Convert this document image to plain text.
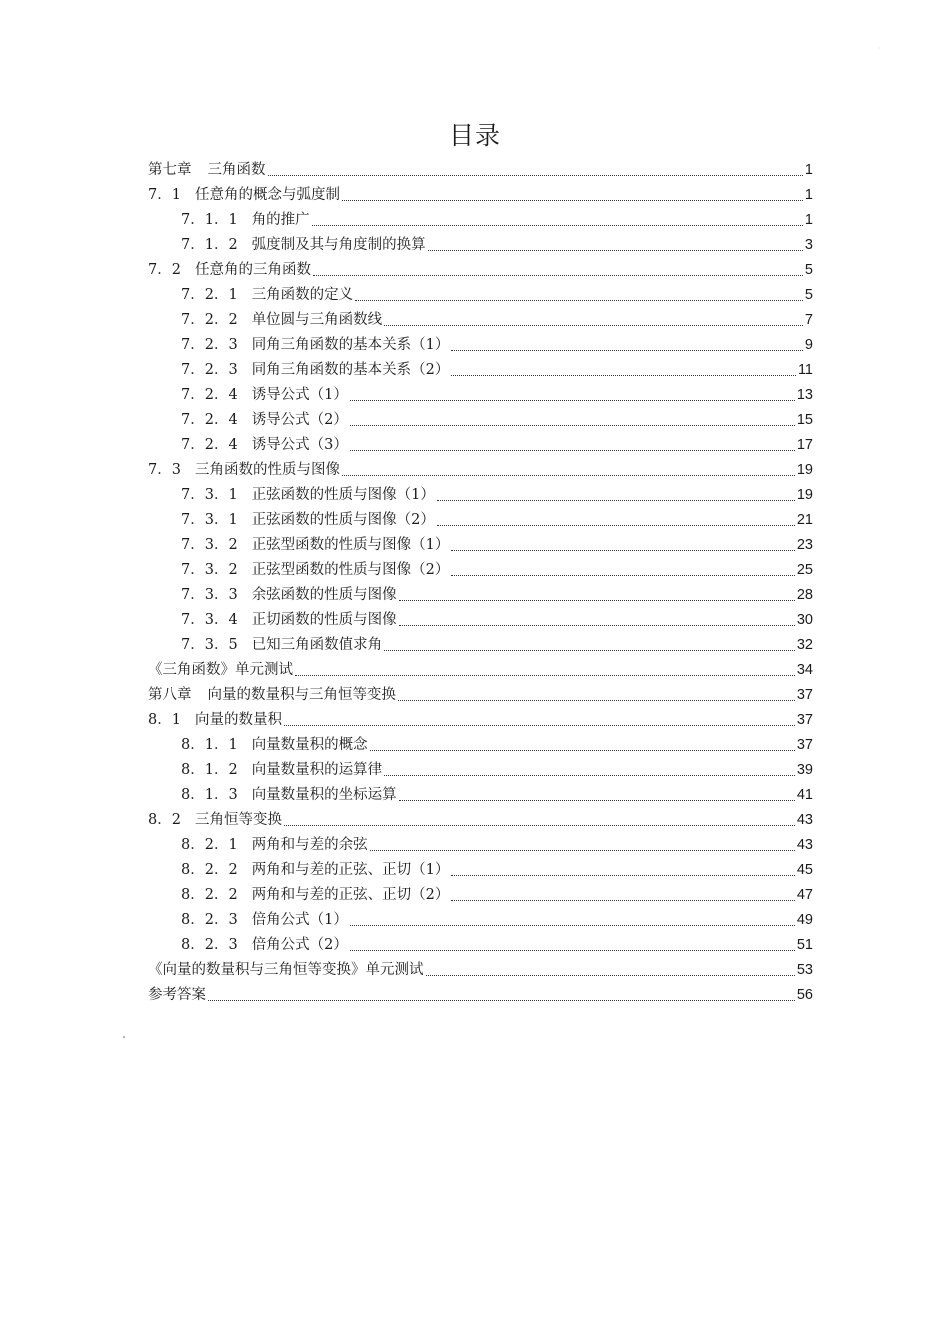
·
目录
第七章 三角函数	1
7．1 任意角的概念与弧度制	1
7．1．1 角的推广	1
7．1．2 弧度制及其与角度制的换算	3
7．2 任意角的三角函数	5
7．2．1 三角函数的定义	5
7．2．2 单位圆与三角函数线	7
7．2．3 同角三角函数的基本关系（1）	9
7．2．3 同角三角函数的基本关系（2）	11
7．2．4 诱导公式（1）	13
7．2．4 诱导公式（2）	15
7．2．4 诱导公式（3）	17
7．3 三角函数的性质与图像	19
7．3．1 正弦函数的性质与图像（1）	19
7．3．1 正弦函数的性质与图像（2）	21
7．3．2 正弦型函数的性质与图像（1）	23
7．3．2 正弦型函数的性质与图像（2）	25
7．3．3 余弦函数的性质与图像	28
7．3．4 正切函数的性质与图像	30
7．3．5 已知三角函数值求角	32
《三角函数》单元测试	34
第八章 向量的数量积与三角恒等变换	37
8．1 向量的数量积	37
8．1．1 向量数量积的概念	37
8．1．2 向量数量积的运算律	39
8．1．3 向量数量积的坐标运算	41
8．2 三角恒等变换	43
8．2．1 两角和与差的余弦	43
8．2．2 两角和与差的正弦、正切（1）	45
8．2．2 两角和与差的正弦、正切（2）	47
8．2．3 倍角公式（1）	49
8．2．3 倍角公式（2）	51
《向量的数量积与三角恒等变换》单元测试	53
参考答案	56
